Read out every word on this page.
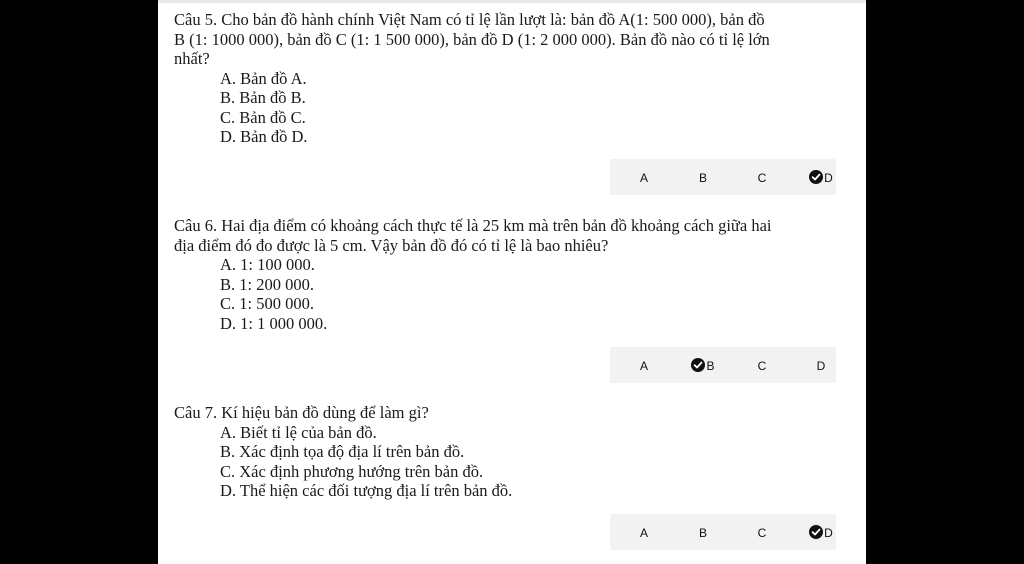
Câu 5. Cho bản đồ hành chính Việt Nam có tỉ lệ lần lượt là: bản đồ A(1: 500 000), bản đồ B (1: 1000 000), bản đồ C (1: 1 500 000), bản đồ D (1: 2 000 000). Bản đồ nào có tỉ lệ lớn nhất?

A. Bản đồ A.
B. Bản đồ B.
C. Bản đồ C.
D. Bản đồ D.
A	B	C	D

Câu 6. Hai địa điểm có khoảng cách thực tế là 25 km mà trên bản đồ khoảng cách giữa hai địa điểm đó đo được là 5 cm. Vậy bản đồ đó có tỉ lệ là bao nhiêu?

A. 1: 100 000.
B. 1: 200 000.
C. 1: 500 000.
D. 1: 1 000 000.
A	B	C	D

Câu 7. Kí hiệu bản đồ dùng để làm gì?

A. Biết tỉ lệ của bản đồ.
B. Xác định tọa độ địa lí trên bản đồ.
C. Xác định phương hướng trên bản đồ.
D. Thể hiện các đối tượng địa lí trên bản đồ.
A	B	C	D
